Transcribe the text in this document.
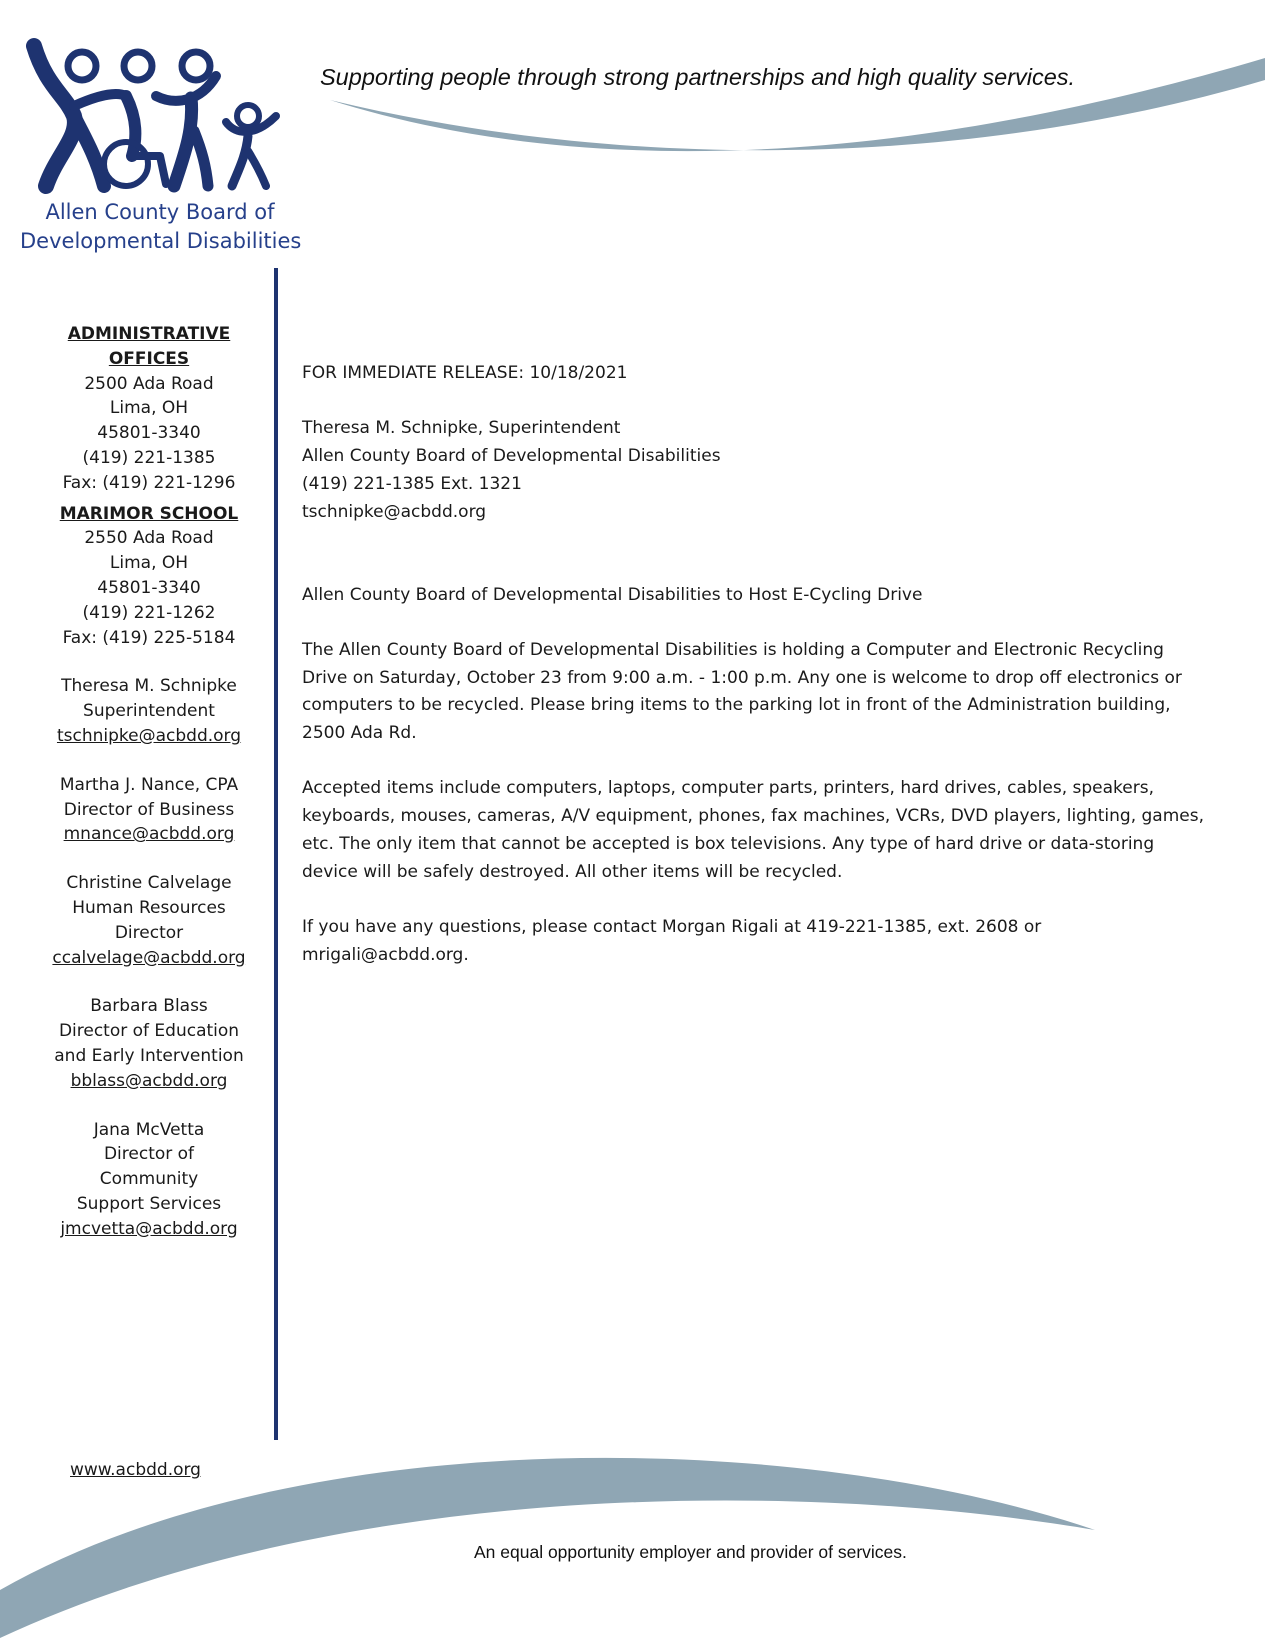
Allen County Board of
Developmental Disabilities
Supporting people through strong partnerships and high quality services.
ADMINISTRATIVE
OFFICES
2500 Ada Road
Lima, OH
45801-3340
(419) 221-1385
Fax: (419) 221-1296
MARIMOR SCHOOL
2550 Ada Road
Lima, OH
45801-3340
(419) 221-1262
Fax: (419) 225-5184
Theresa M. Schnipke
Superintendent
tschnipke@acbdd.org
Martha J. Nance, CPA
Director of Business
mnance@acbdd.org
Christine Calvelage
Human Resources
Director
ccalvelage@acbdd.org
Barbara Blass
Director of Education
and Early Intervention
bblass@acbdd.org
Jana McVetta
Director of
Community
Support Services
jmcvetta@acbdd.org

FOR IMMEDIATE RELEASE: 10/18/2021

Theresa M. Schnipke, Superintendent
Allen County Board of Developmental Disabilities
(419) 221-1385 Ext. 1321
tschnipke@acbdd.org

Allen County Board of Developmental Disabilities to Host E-Cycling Drive

The Allen County Board of Developmental Disabilities is holding a Computer and Electronic Recycling
Drive on Saturday, October 23 from 9:00 a.m. - 1:00 p.m. Any one is welcome to drop off electronics or
computers to be recycled. Please bring items to the parking lot in front of the Administration building,
2500 Ada Rd.

Accepted items include computers, laptops, computer parts, printers, hard drives, cables, speakers,
keyboards, mouses, cameras, A/V equipment, phones, fax machines, VCRs, DVD players, lighting, games,
etc. The only item that cannot be accepted is box televisions. Any type of hard drive or data-storing
device will be safely destroyed. All other items will be recycled.

If you have any questions, please contact Morgan Rigali at 419-221-1385, ext. 2608 or
mrigali@acbdd.org.

www.acbdd.org
An equal opportunity employer and provider of services.
